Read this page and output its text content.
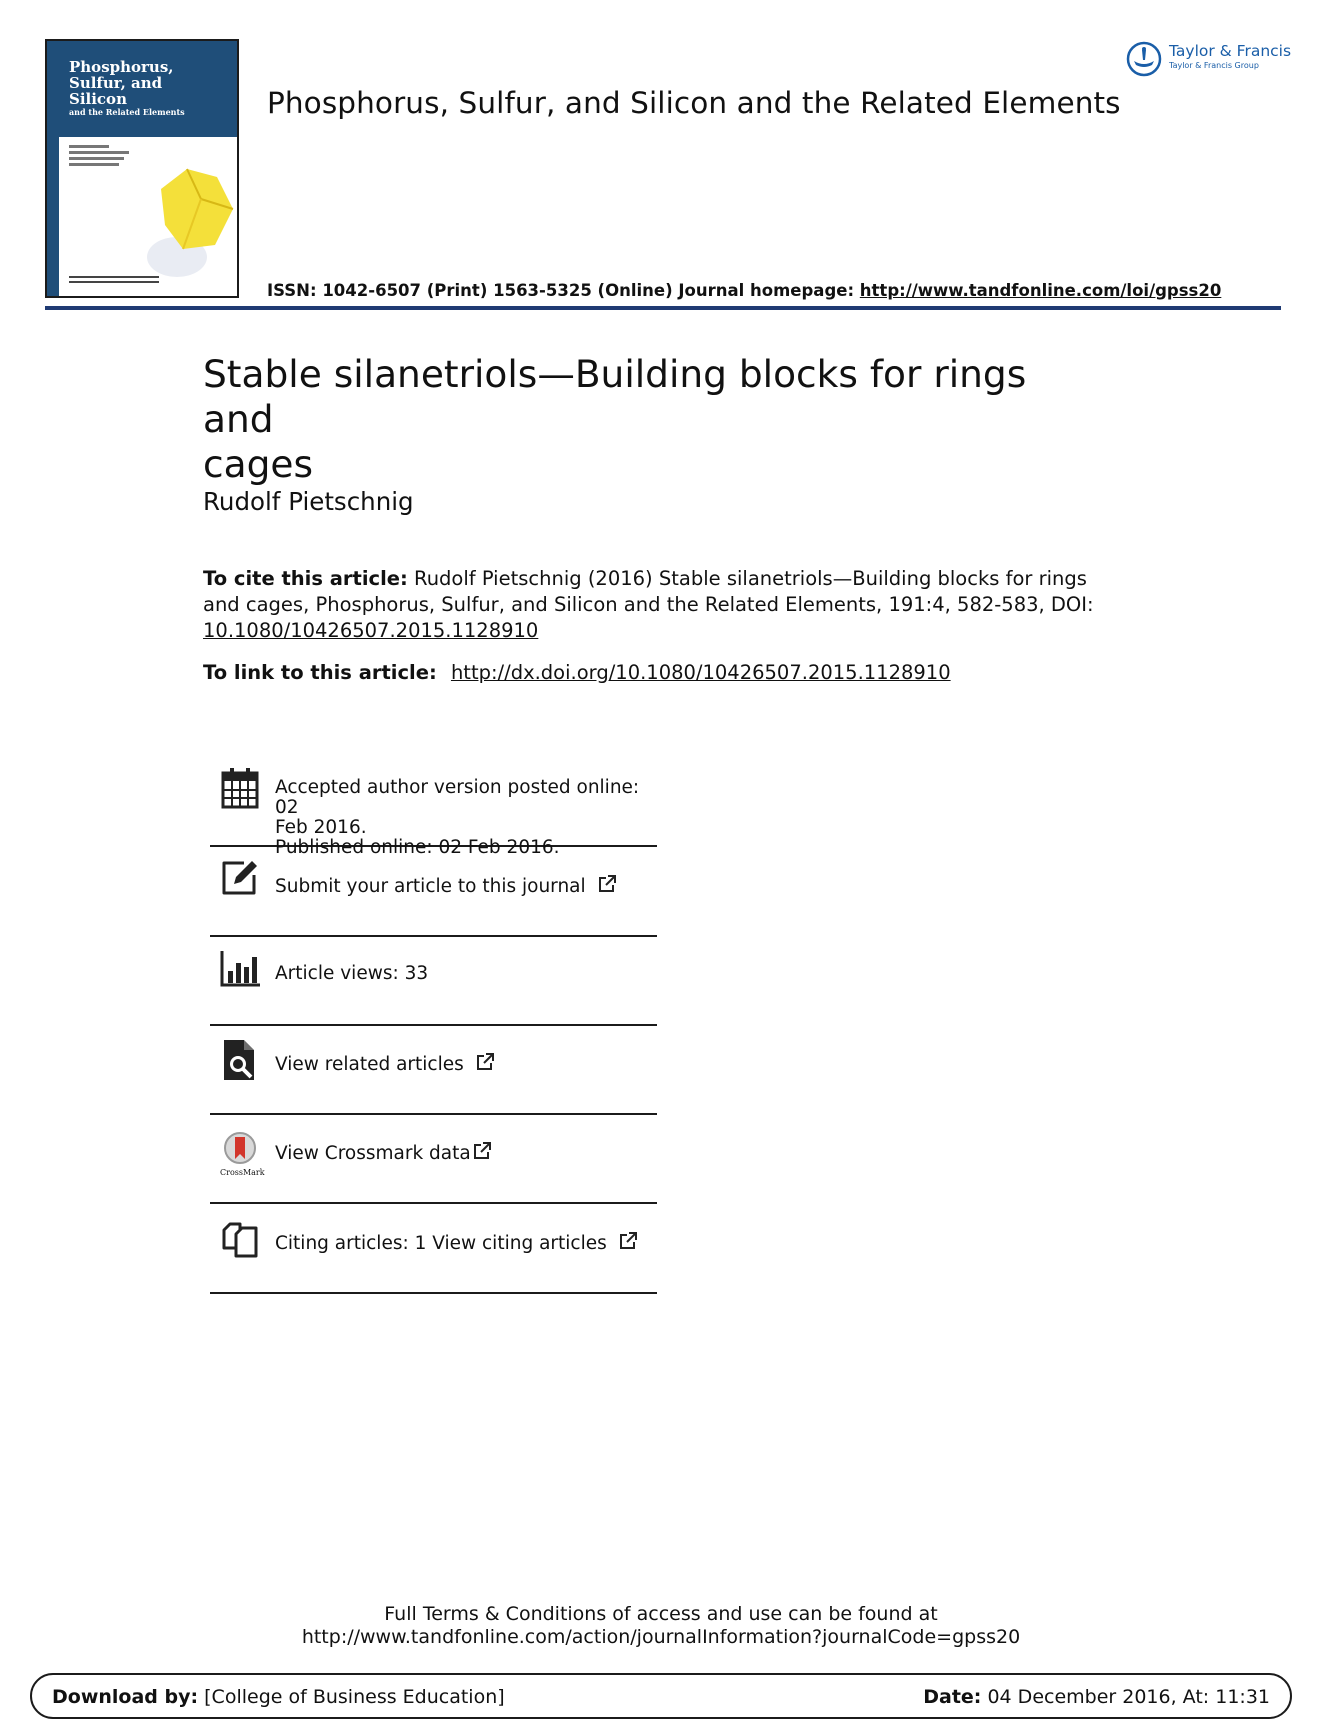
Phosphorus,
Sulfur, and
Silicon
and the Related Elements	Phosphorus, Sulfur, and Silicon and the Related Elements
Taylor & Francis
Taylor & Francis Group
ISSN: 1042-6507 (Print) 1563-5325 (Online) Journal homepage: http://www.tandfonline.com/loi/gpss20
Stable silanetriols—Building blocks for rings and
cages
Rudolf Pietschnig
To cite this article: Rudolf Pietschnig (2016) Stable silanetriols—Building blocks for rings
and cages, Phosphorus, Sulfur, and Silicon and the Related Elements, 191:4, 582-583, DOI:
10.1080/10426507.2015.1128910
To link to this article: http://dx.doi.org/10.1080/10426507.2015.1128910
Accepted author version posted online: 02
Feb 2016.
Published online: 02 Feb 2016.
Submit your article to this journal
Article views: 33
View related articles
CrossMark
View Crossmark data
Citing articles: 1 View citing articles
Full Terms & Conditions of access and use can be found at
http://www.tandfonline.com/action/journalInformation?journalCode=gpss20
Download by: [College of Business Education]	Date: 04 December 2016, At: 11:31
